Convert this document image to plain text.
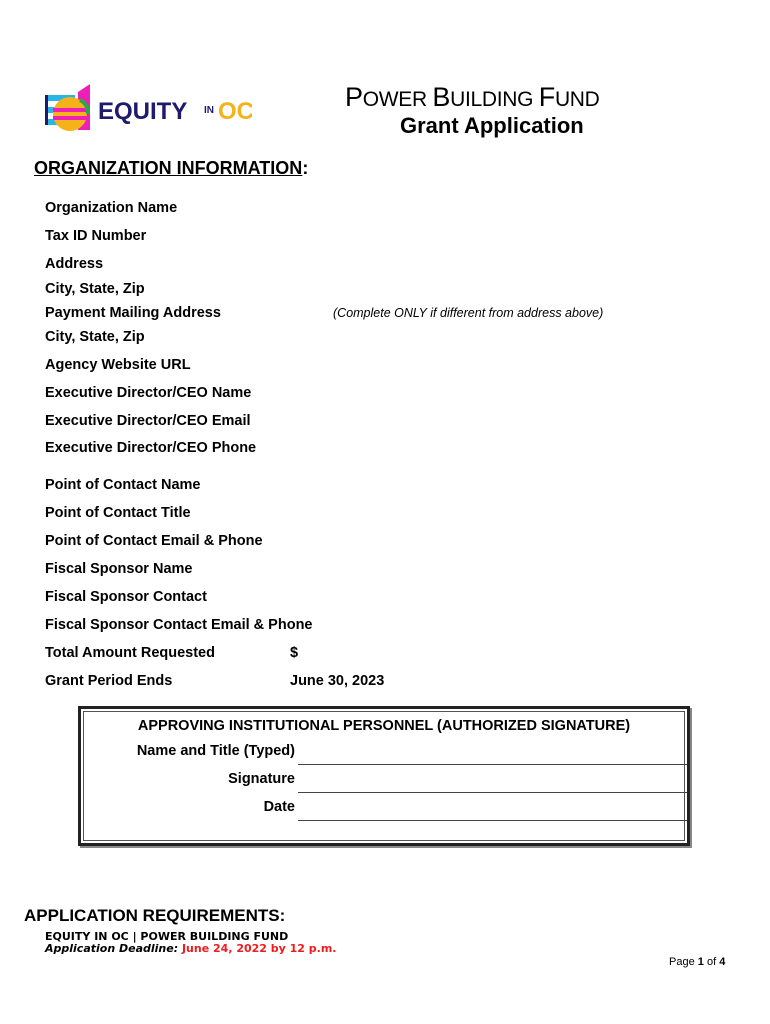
EQUITY IN OC	POWER BUILDING FUND
Grant Application
ORGANIZATION INFORMATION:
Organization Name
Tax ID Number
Address
City, State, Zip
Payment Mailing Address	(Complete ONLY if different from address above)
City, State, Zip
Agency Website URL
Executive Director/CEO Name
Executive Director/CEO Email
Executive Director/CEO Phone
Point of Contact Name
Point of Contact Title
Point of Contact Email & Phone
Fiscal Sponsor Name
Fiscal Sponsor Contact
Fiscal Sponsor Contact Email & Phone
Total Amount Requested	$
Grant Period Ends	June 30, 2023
APPROVING INSTITUTIONAL PERSONNEL (AUTHORIZED SIGNATURE)
Name and Title (Typed)
Signature
Date
APPLICATION REQUIREMENTS:
EQUITY IN OC | POWER BUILDING FUND
Application Deadline: June 24, 2022 by 12 p.m.
Page 1 of 4
